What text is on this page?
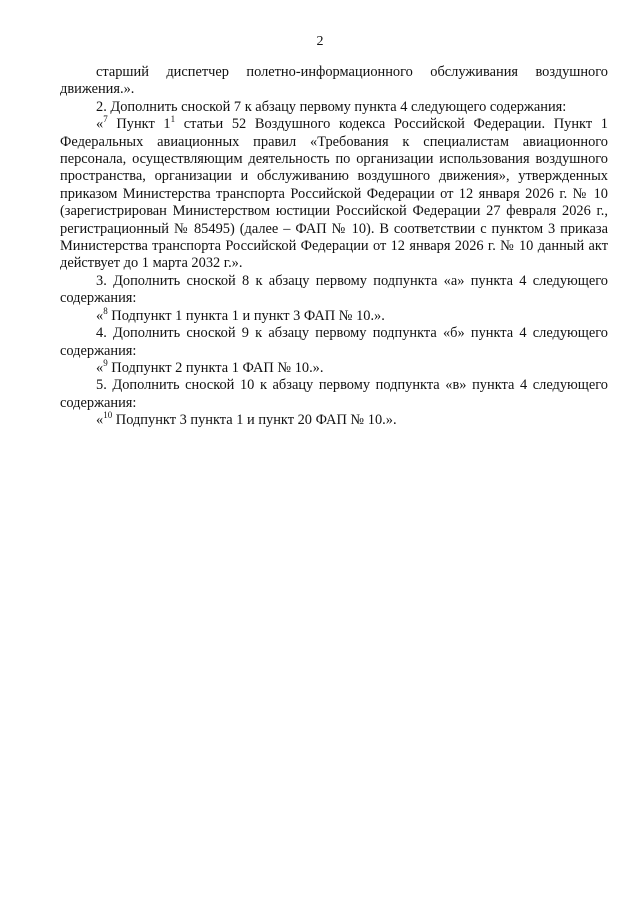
2

старший диспетчер полетно-информационного обслуживания воздушного движения.».

2. Дополнить сноской 7 к абзацу первому пункта 4 следующего содержания:

«$^7$ Пункт $1^1$ статьи 52 Воздушного кодекса Российской Федерации. Пункт 1 Федеральных авиационных правил «Требования к специалистам авиационного персонала, осуществляющим деятельность по организации использования воздушного пространства, организации и обслуживанию воздушного движения», утвержденных приказом Министерства транспорта Российской Федерации от 12 января 2026 г. № 10 (зарегистрирован Министерством юстиции Российской Федерации 27 февраля 2026 г., регистрационный № 85495) (далее – ФАП № 10). В соответствии с пунктом 3 приказа Министерства транспорта Российской Федерации от 12 января 2026 г. № 10 данный акт действует до 1 марта 2032 г.».

3. Дополнить сноской 8 к абзацу первому подпункта «а» пункта 4 следующего содержания:

«$^8$ Подпункт 1 пункта 1 и пункт 3 ФАП № 10.».

4. Дополнить сноской 9 к абзацу первому подпункта «б» пункта 4 следующего содержания:

«$^9$ Подпункт 2 пункта 1 ФАП № 10.».

5. Дополнить сноской 10 к абзацу первому подпункта «в» пункта 4 следующего содержания:

«$^{10}$ Подпункт 3 пункта 1 и пункт 20 ФАП № 10.».
